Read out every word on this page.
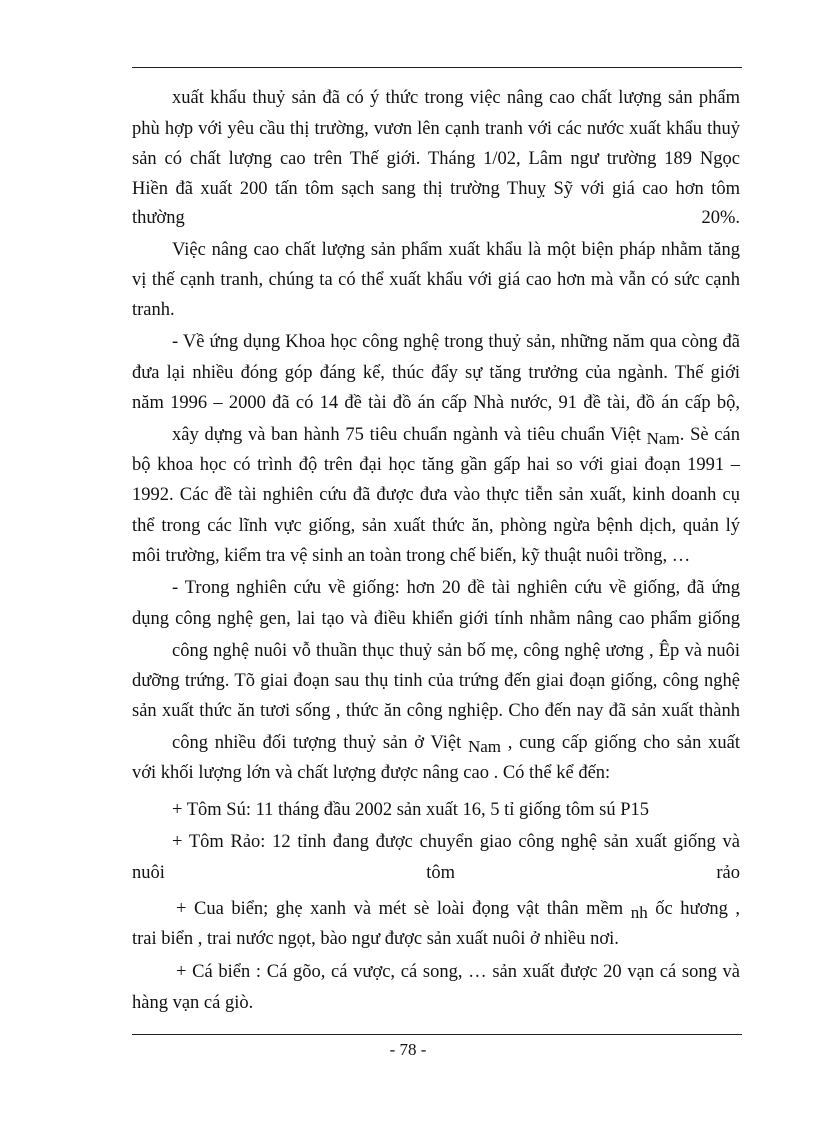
xuất khẩu thuỷ sản đã có ý thức trong việc nâng cao chất lượng sản phẩm
phù hợp với yêu cầu thị trường, vươn lên cạnh tranh với các nước xuất khẩu thuỷ
sản có chất lượng cao trên Thế giới. Tháng 1/02, Lâm ngư trường 189 Ngọc
Hiền đã xuất 200 tấn tôm sạch sang thị trường Thuỵ Sỹ với giá cao hơn tôm
thường	20%.
Việc nâng cao chất lượng sản phẩm xuất khẩu là một biện pháp nhằm tăng
vị thế cạnh tranh, chúng ta có thể xuất khẩu với giá cao hơn mà vẫn có sức cạnh
tranh.
- Về ứng dụng Khoa học công nghệ trong thuỷ sản, những năm qua còng đã
đưa lại nhiều đóng góp đáng kể, thúc đẩy sự tăng trưởng của ngành. Thế giới
năm 1996 – 2000 đã có 14 đề tài đồ án cấp Nhà nước, 91 đề tài, đồ án cấp bộ,
xây dựng và ban hành 75 tiêu chuẩn ngành và tiêu chuẩn Việt Nam. Sè cán
bộ khoa học có trình độ trên đại học tăng gần gấp hai so với giai đoạn 1991 –
1992. Các đề tài nghiên cứu đã được đưa vào thực tiễn sản xuất, kinh doanh cụ
thể trong các lĩnh vực giống, sản xuất thức ăn, phòng ngừa bệnh dịch, quản lý
môi trường, kiểm tra vệ sinh an toàn trong chế biến, kỹ thuật nuôi trồng, …
- Trong nghiên cứu về giống: hơn 20 đề tài nghiên cứu về giống, đã ứng
dụng công nghệ gen, lai tạo và điều khiển giới tính nhằm nâng cao phẩm giống
công nghệ nuôi vỗ thuần thục thuỷ sản bố mẹ, công nghệ ương , Êp và nuôi
dưỡng trứng. Tõ giai đoạn sau thụ tinh của trứng đến giai đoạn giống, công nghệ
sản xuất thức ăn tươi sống , thức ăn công nghiệp. Cho đến nay đã sản xuất thành
công nhiều đối tượng thuỷ sản ở Việt Nam , cung cấp giống cho sản xuất
với khối lượng lớn và chất lượng được nâng cao . Có thể kể đến:
+ Tôm Sú: 11 tháng đầu 2002 sản xuất 16, 5 tỉ giống tôm sú P15
+ Tôm Rảo: 12 tỉnh đang được chuyển giao công nghệ sản xuất giống và
nuôi	tôm	rảo
+ Cua biển; ghẹ xanh và mét sè loài đọng vật thân mềm nh ốc hương ,
trai biển , trai nước ngọt, bào ngư được sản xuất nuôi ở nhiều nơi.
+ Cá biển : Cá gõo, cá vược, cá song, … sản xuất được 20 vạn cá song và
hàng vạn cá giò.
- 78 -
